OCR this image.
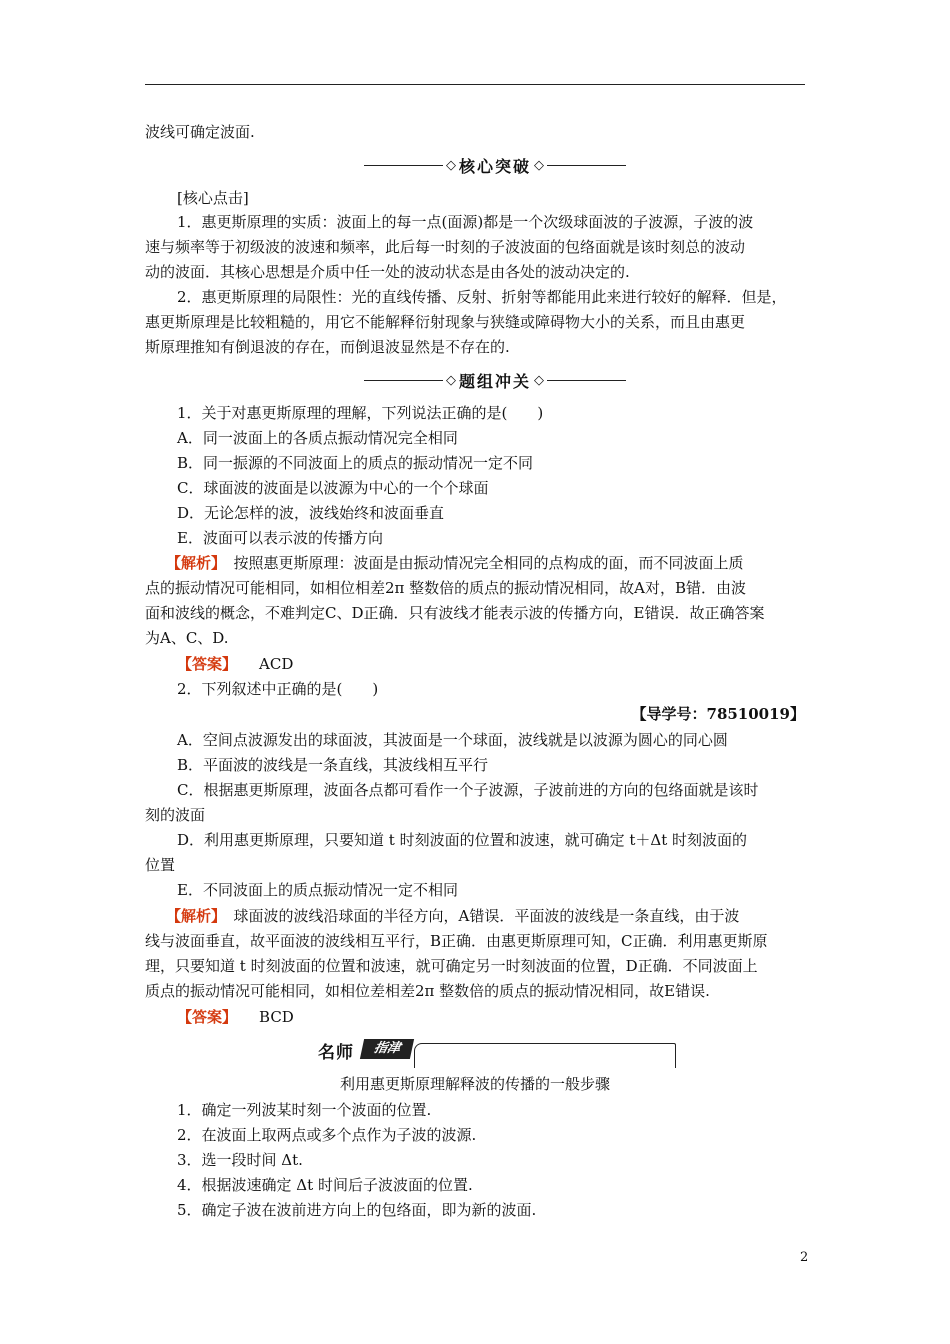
波线可确定波面.
◇ 核心突破 ◇
[核心点击]
1．惠更斯原理的实质：波面上的每一点(面源)都是一个次级球面波的子波源，子波的波
速与频率等于初级波的波速和频率，此后每一时刻的子波波面的包络面就是该时刻总的波动
动的波面．其核心思想是介质中任一处的波动状态是由各处的波动决定的.
2．惠更斯原理的局限性：光的直线传播、反射、折射等都能用此来进行较好的解释．但是，
惠更斯原理是比较粗糙的，用它不能解释衍射现象与狭缝或障碍物大小的关系，而且由惠更
斯原理推知有倒退波的存在，而倒退波显然是不存在的.
◇ 题组冲关 ◇
1．关于对惠更斯原理的理解，下列说法正确的是(　　)
A．同一波面上的各质点振动情况完全相同
B．同一振源的不同波面上的质点的振动情况一定不同
C．球面波的波面是以波源为中心的一个个球面
D．无论怎样的波，波线始终和波面垂直
E．波面可以表示波的传播方向
【解析】　按照惠更斯原理：波面是由振动情况完全相同的点构成的面，而不同波面上质
点的振动情况可能相同，如相位相差2π 整数倍的质点的振动情况相同，故A对，B错．由波
面和波线的概念，不难判定C、D正确．只有波线才能表示波的传播方向，E错误．故正确答案
为A、C、D.
【答案】 ACD
2．下列叙述中正确的是(　　)
【导学号：78510019】
A．空间点波源发出的球面波，其波面是一个球面，波线就是以波源为圆心的同心圆
B．平面波的波线是一条直线，其波线相互平行
C．根据惠更斯原理，波面各点都可看作一个子波源，子波前进的方向的包络面就是该时
刻的波面
D．利用惠更斯原理，只要知道 t 时刻波面的位置和波速，就可确定 t＋Δt 时刻波面的
位置
E．不同波面上的质点振动情况一定不相同
【解析】　球面波的波线沿球面的半径方向，A错误．平面波的波线是一条直线，由于波
线与波面垂直，故平面波的波线相互平行，B正确．由惠更斯原理可知，C正确．利用惠更斯原
理，只要知道 t 时刻波面的位置和波速，就可确定另一时刻波面的位置，D正确．不同波面上
质点的振动情况可能相同，如相位差相差2π 整数倍的质点的振动情况相同，故E错误.
【答案】 BCD
名师	指津
利用惠更斯原理解释波的传播的一般步骤
1．确定一列波某时刻一个波面的位置.
2．在波面上取两点或多个点作为子波的波源.
3．选一段时间 Δt.
4．根据波速确定 Δt 时间后子波波面的位置.
5．确定子波在波前进方向上的包络面，即为新的波面.
2
